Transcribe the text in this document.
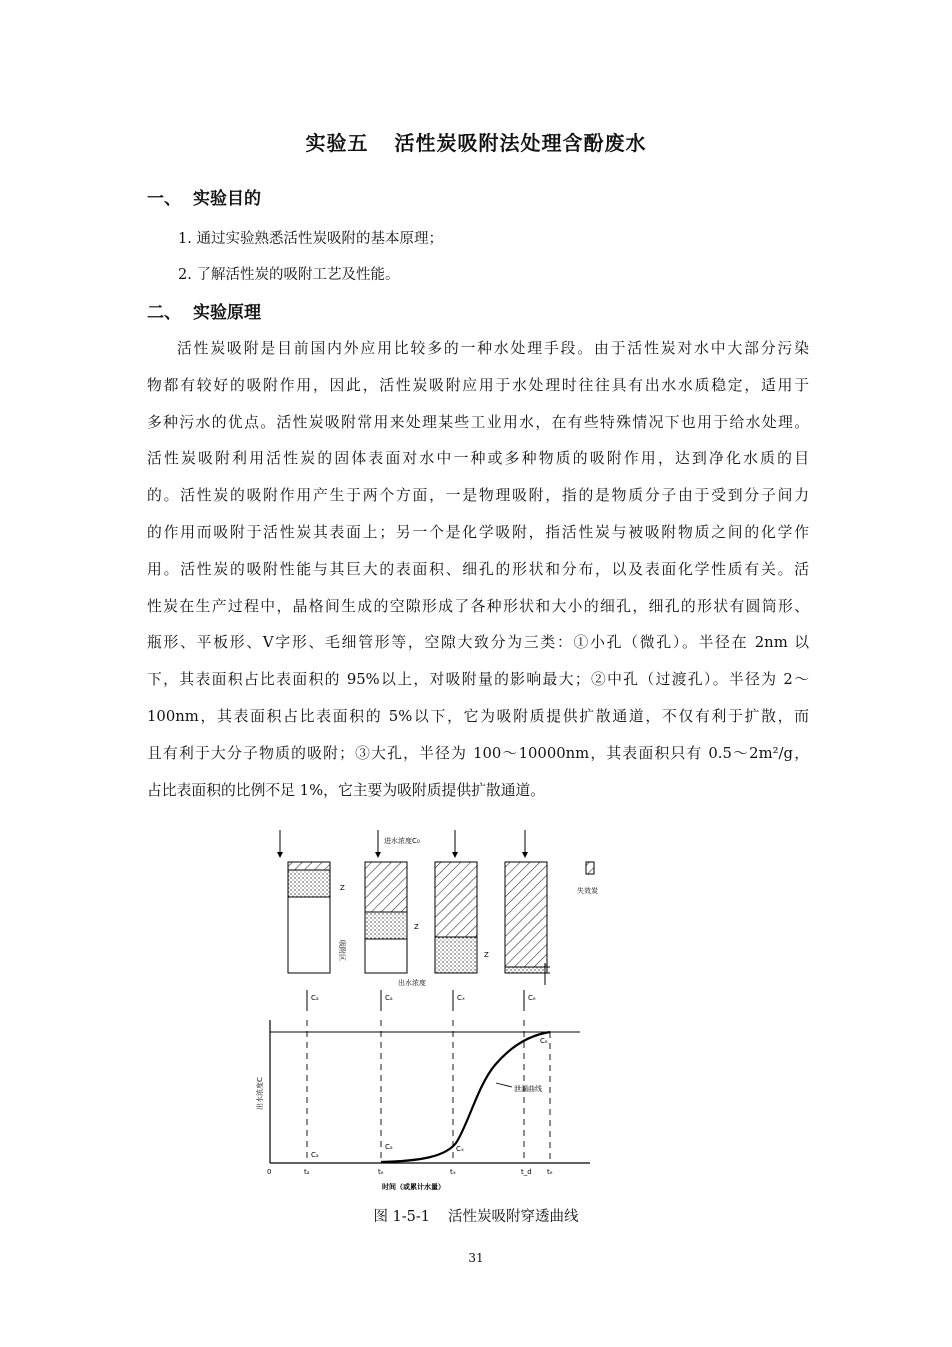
实验五 活性炭吸附法处理含酚废水
一、 实验目的
1. 通过实验熟悉活性炭吸附的基本原理；
2. 了解活性炭的吸附工艺及性能。
二、 实验原理
活性炭吸附是目前国内外应用比较多的一种水处理手段。由于活性炭对水中大部分污染
物都有较好的吸附作用，因此，活性炭吸附应用于水处理时往往具有出水水质稳定，适用于
多种污水的优点。活性炭吸附常用来处理某些工业用水，在有些特殊情况下也用于给水处理。
活性炭吸附利用活性炭的固体表面对水中一种或多种物质的吸附作用，达到净化水质的目
的。活性炭的吸附作用产生于两个方面，一是物理吸附，指的是物质分子由于受到分子间力
的作用而吸附于活性炭其表面上；另一个是化学吸附，指活性炭与被吸附物质之间的化学作
用。活性炭的吸附性能与其巨大的表面积、细孔的形状和分布，以及表面化学性质有关。活
性炭在生产过程中，晶格间生成的空隙形成了各种形状和大小的细孔，细孔的形状有圆筒形、
瓶形、平板形、V字形、毛细管形等，空隙大致分为三类：①小孔（微孔）。半径在 2nm 以
下，其表面积占比表面积的 95%以上，对吸附量的影响最大；②中孔（过渡孔）。半径为 2～
100nm，其表面积占比表面积的 5%以下，它为吸附质提供扩散通道，不仅有利于扩散，而
且有利于大分子物质的吸附；③大孔，半径为 100～10000nm，其表面积只有 0.5～2m²/g，
占比表面积的比例不足 1%，它主要为吸附质提供扩散通道。
Z
吸附区
进水浓度C₀
Z
Z
失效炭
出水浓度
Cₐ	Cₐ	Cₓ	Cₑ
泄漏曲线
出水浓度C
Cₑ
Cₐ
Cₐ	Cₓ
0	tₐ	tₑ	tₓ	t_d tₑ
时间（或累计水量）
图 1-5-1 活性炭吸附穿透曲线
31
